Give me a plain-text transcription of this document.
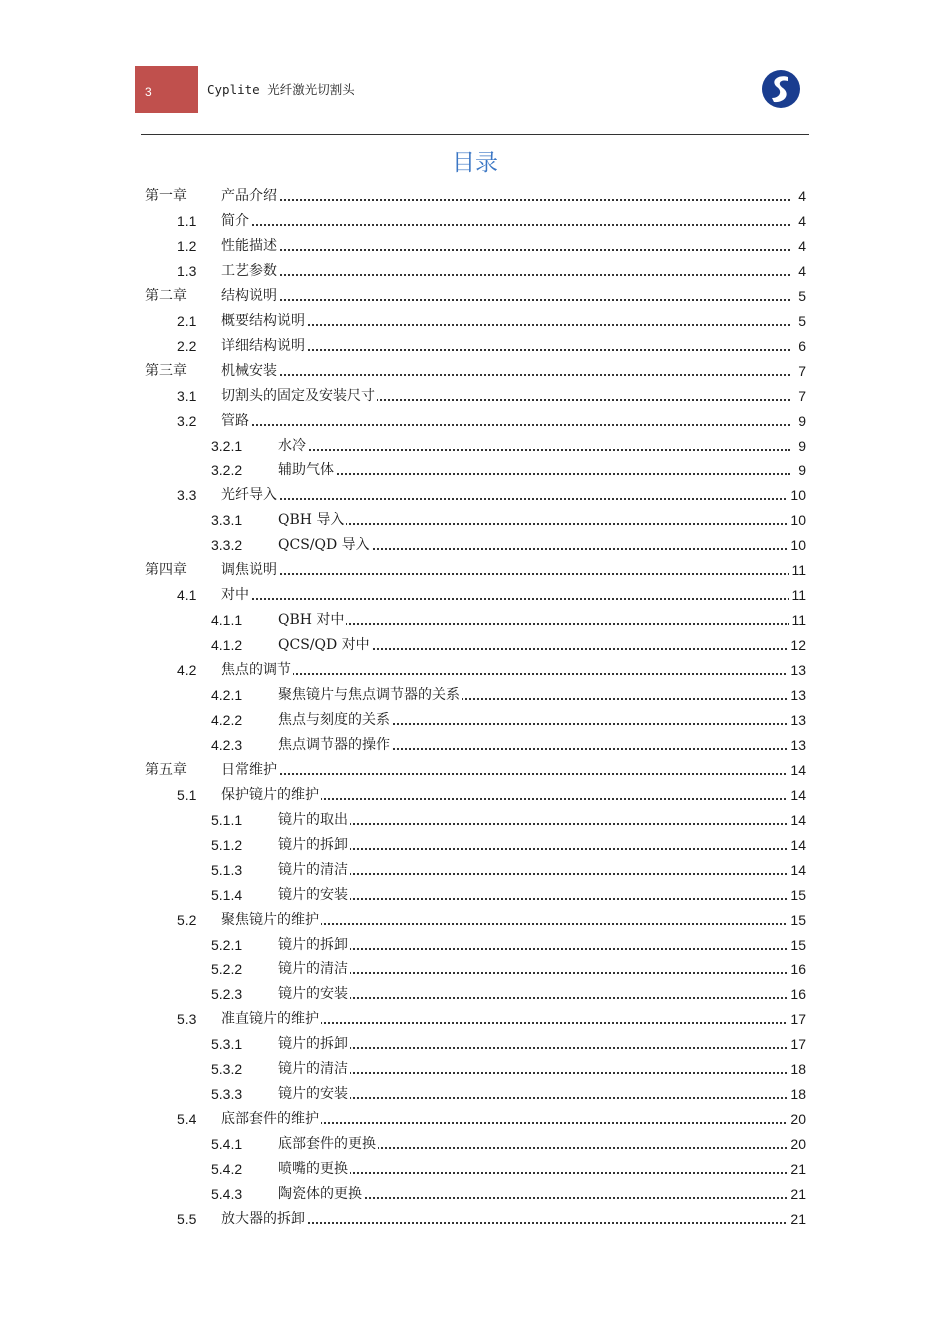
3	Cyplite 光纤激光切割头
目录
第一章 产品介绍	4
1.1 简介	4
1.2 性能描述	4
1.3 工艺参数	4
第二章 结构说明	5
2.1 概要结构说明	5
2.2 详细结构说明	6
第三章 机械安装	7
3.1 切割头的固定及安装尺寸	7
3.2 管路	9
3.2.1	水冷	9
3.2.2	辅助气体	9
3.3 光纤导入	10
3.3.1	QBH 导入	10
3.3.2	QCS/QD 导入	10
第四章 调焦说明	11
4.1 对中	11
4.1.1	QBH 对中	11
4.1.2	QCS/QD 对中	12
4.2 焦点的调节	13
4.2.1	聚焦镜片与焦点调节器的关系	13
4.2.2	焦点与刻度的关系	13
4.2.3	焦点调节器的操作	13
第五章 日常维护	14
5.1 保护镜片的维护	14
5.1.1	镜片的取出	14
5.1.2	镜片的拆卸	14
5.1.3	镜片的清洁	14
5.1.4	镜片的安装	15
5.2 聚焦镜片的维护	15
5.2.1	镜片的拆卸	15
5.2.2	镜片的清洁	16
5.2.3	镜片的安装	16
5.3 准直镜片的维护	17
5.3.1	镜片的拆卸	17
5.3.2	镜片的清洁	18
5.3.3	镜片的安装	18
5.4 底部套件的维护	20
5.4.1	底部套件的更换	20
5.4.2	喷嘴的更换	21
5.4.3	陶瓷体的更换	21
5.5 放大器的拆卸	21
